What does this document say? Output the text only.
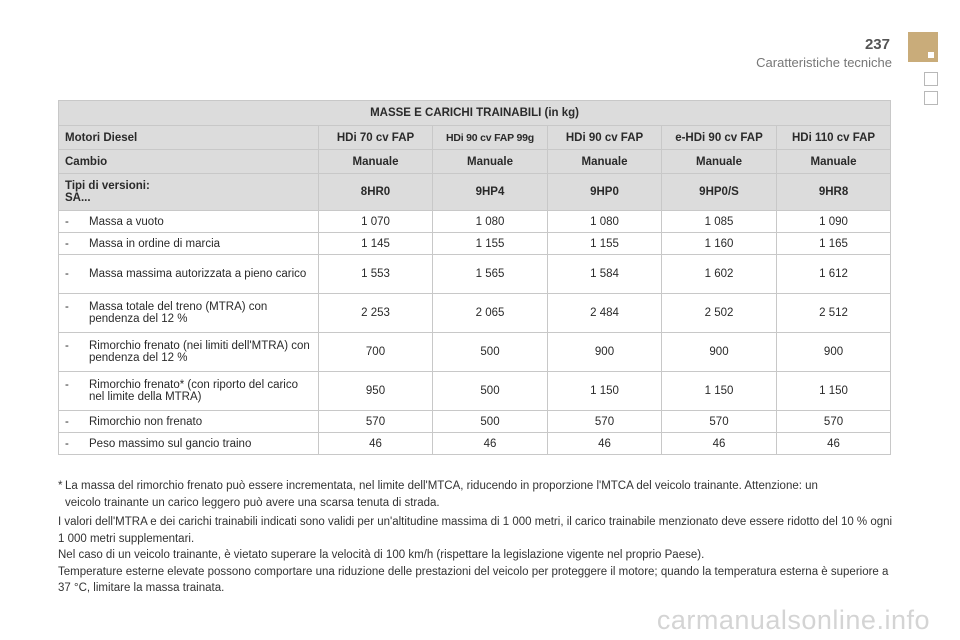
237
Caratteristiche tecniche
MASSE E CARICHI TRAINABILI (in kg)					
Motori Diesel	HDi 70 cv FAP	HDi 90 cv FAP 99g	HDi 90 cv FAP	e-HDi 90 cv FAP	HDi 110 cv FAP
Cambio	Manuale	Manuale	Manuale	Manuale	Manuale

Tipi di versioni:
SA...	8HR0	9HP4	9HP0	9HP0/S	9HR8

- Massa a vuoto	1 070	1 080	1 080	1 085	1 090

- Massa in ordine di marcia	1 145	1 155	1 155	1 160	1 165

- Massa massima autorizzata a pieno carico	1 553	1 565	1 584	1 602	1 612

- Massa totale del treno (MTRA) con pendenza del 12 %	2 253	2 065	2 484	2 502	2 512

- Rimorchio frenato (nei limiti dell'MTRA) con pendenza del 12 %	700	500	900	900	900

- Rimorchio frenato* (con riporto del carico nel limite della MTRA)	950	500	1 150	1 150	1 150

- Rimorchio non frenato	570	500	570	570	570

- Peso massimo sul gancio traino	46	46	46	46	46
* La massa del rimorchio frenato può essere incrementata, nel limite dell'MTCA, riducendo in proporzione l'MTCA del veicolo trainante. Attenzione: un
veicolo trainante un carico leggero può avere una scarsa tenuta di strada.

I valori dell'MTRA e dei carichi trainabili indicati sono validi per un'altitudine massima di 1 000 metri, il carico trainabile menzionato deve essere ridotto del 10 % ogni 1 000 metri supplementari.

Nel caso di un veicolo trainante, è vietato superare la velocità di 100 km/h (rispettare la legislazione vigente nel proprio Paese).

Temperature esterne elevate possono comportare una riduzione delle prestazioni del veicolo per proteggere il motore; quando la temperatura esterna è superiore a 37 °C, limitare la massa trainata.

carmanualsonline.info
